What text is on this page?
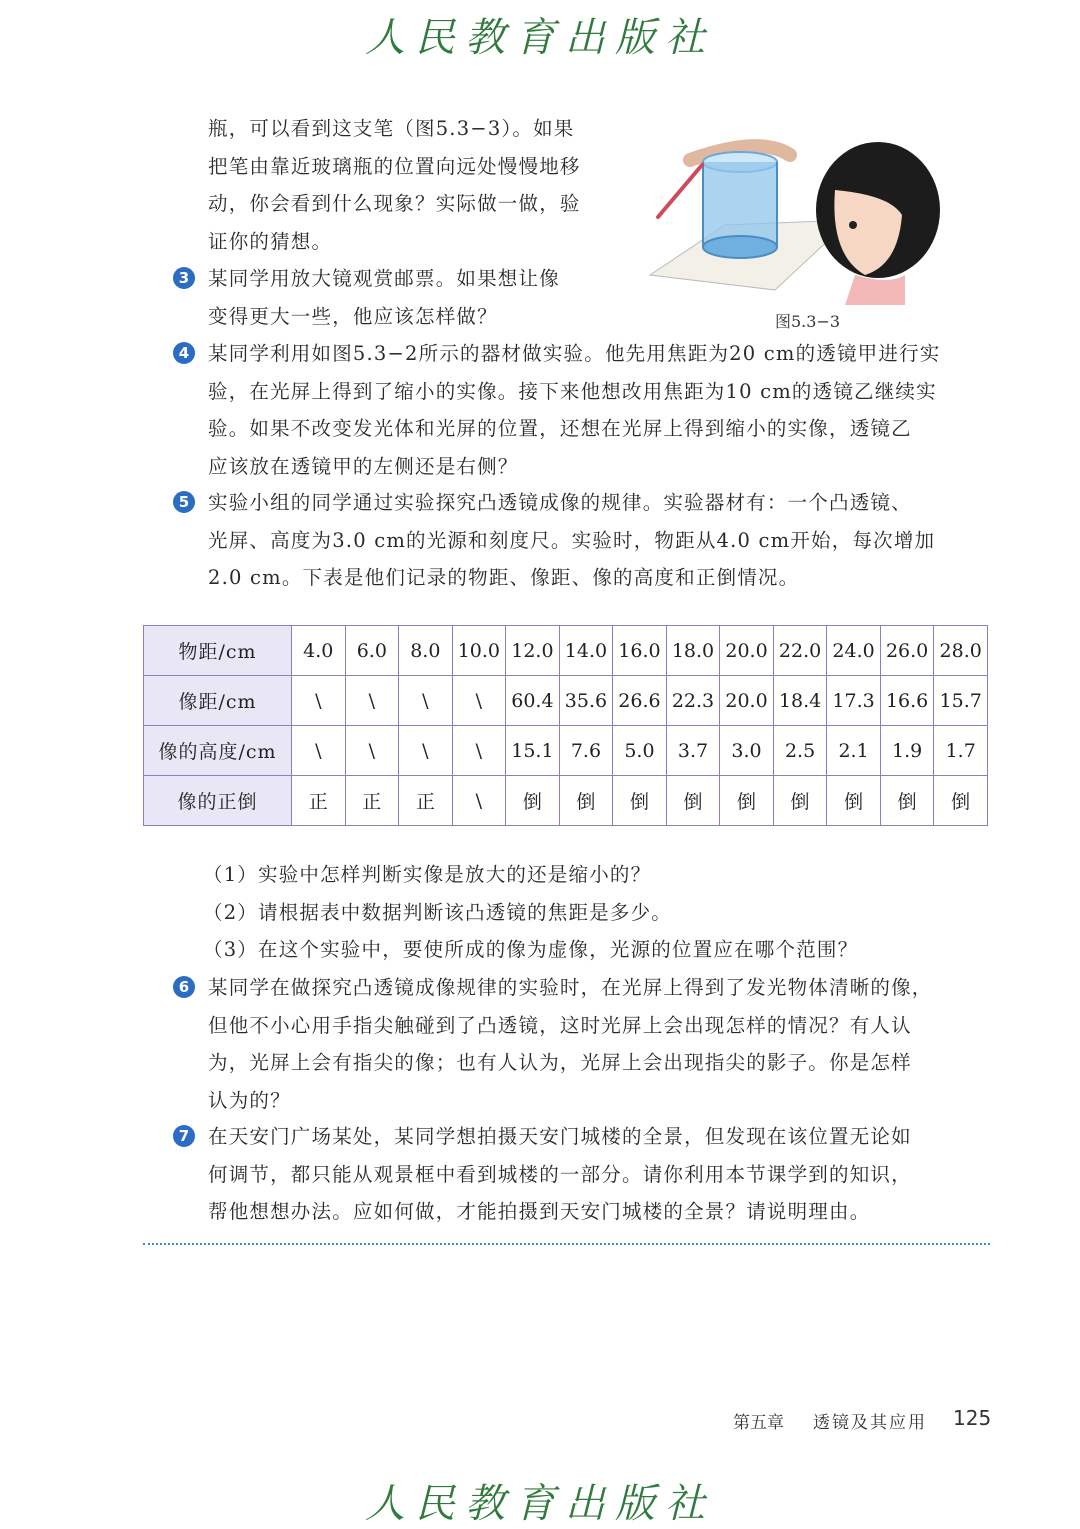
人民教育出版社
瓶，可以看到这支笔（图5.3−3）。如果
把笔由靠近玻璃瓶的位置向远处慢慢地移
动，你会看到什么现象？实际做一做，验
证你的猜想。
3 某同学用放大镜观赏邮票。如果想让像
变得更大一些，他应该怎样做？	图5.3−3
4 某同学利用如图5.3−2所示的器材做实验。他先用焦距为20 cm的透镜甲进行实
验，在光屏上得到了缩小的实像。接下来他想改用焦距为10 cm的透镜乙继续实
验。如果不改变发光体和光屏的位置，还想在光屏上得到缩小的实像，透镜乙
应该放在透镜甲的左侧还是右侧？
5 实验小组的同学通过实验探究凸透镜成像的规律。实验器材有：一个凸透镜、
光屏、高度为3.0 cm的光源和刻度尺。实验时，物距从4.0 cm开始，每次增加
2.0 cm。下表是他们记录的物距、像距、像的高度和正倒情况。
物距/cm	4.0	6.0	8.0	10.0	12.0	14.0	16.0	18.0	20.0	22.0	24.0	26.0	28.0
像距/cm	\	\	\	\	60.4	35.6	26.6	22.3	20.0	18.4	17.3	16.6	15.7
像的高度/cm	\	\	\	\	15.1	7.6	5.0	3.7	3.0	2.5	2.1	1.9	1.7
像的正倒	正	正	正	\	倒	倒	倒	倒	倒	倒	倒	倒	倒
（1）实验中怎样判断实像是放大的还是缩小的？
（2）请根据表中数据判断该凸透镜的焦距是多少。
（3）在这个实验中，要使所成的像为虚像，光源的位置应在哪个范围？
6 某同学在做探究凸透镜成像规律的实验时，在光屏上得到了发光物体清晰的像，
但他不小心用手指尖触碰到了凸透镜，这时光屏上会出现怎样的情况？有人认
为，光屏上会有指尖的像；也有人认为，光屏上会出现指尖的影子。你是怎样
认为的？
7 在天安门广场某处，某同学想拍摄天安门城楼的全景，但发现在该位置无论如
何调节，都只能从观景框中看到城楼的一部分。请你利用本节课学到的知识，
帮他想想办法。应如何做，才能拍摄到天安门城楼的全景？请说明理由。
第五章 透镜及其应用 125
人民教育出版社
